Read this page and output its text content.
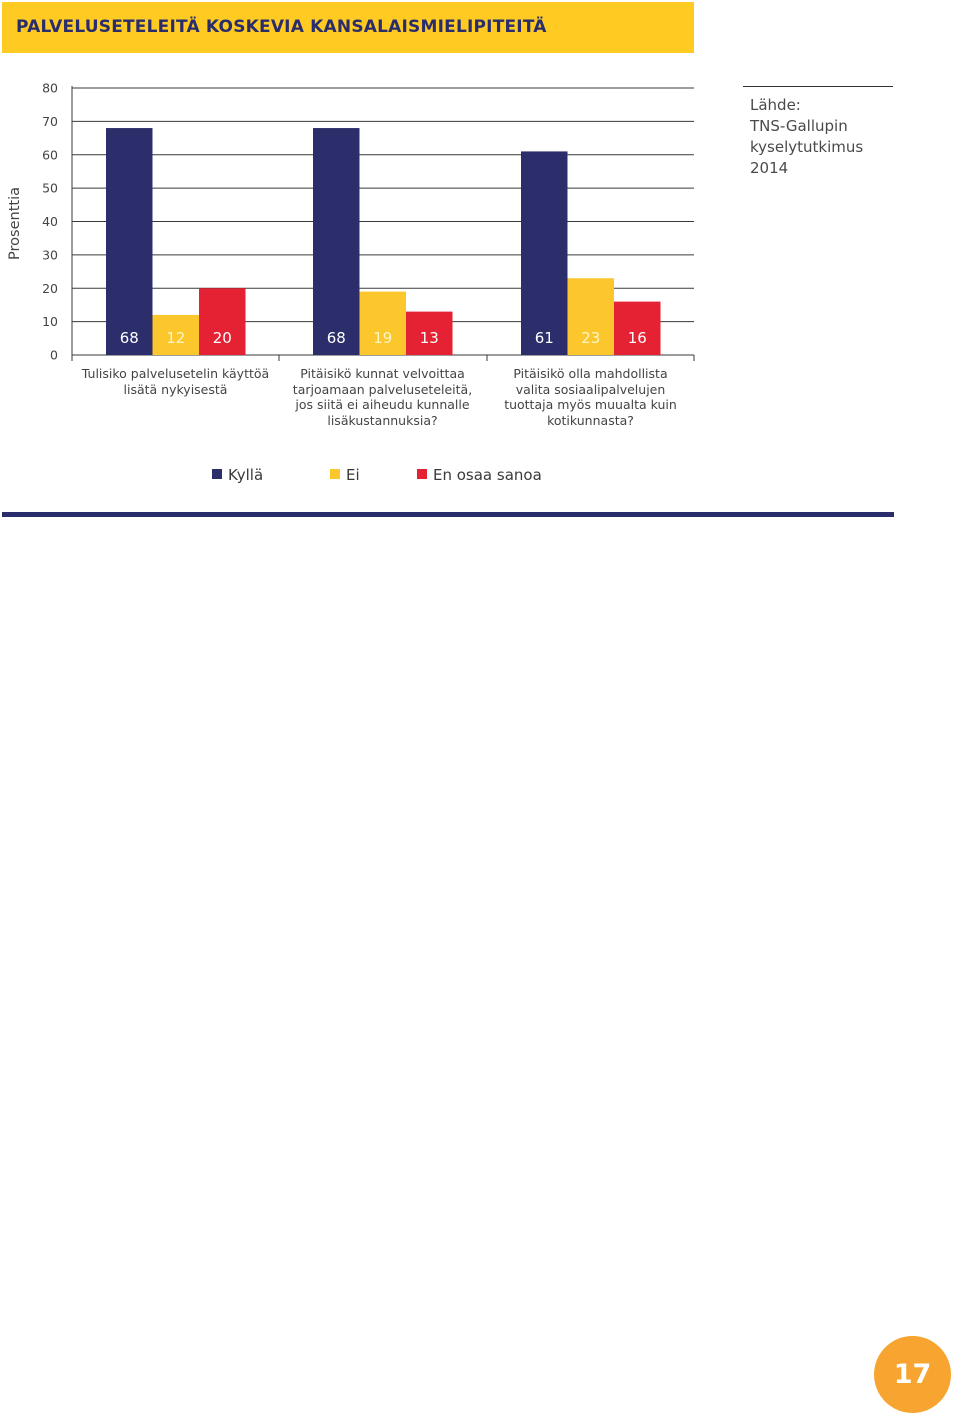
PALVELUSETELEITÄ KOSKEVIA KANSALAISMIELIPITEITÄ
0
10
20
30
40
50
60
70
80
Prosenttia
68	68	61
12	19	23
20	13	16
Lähde:
TNS-Gallupin
kyselytutkimus
2014
Tulisiko palvelusetelin käyttöä
lisätä nykyisestä
Pitäisikö kunnat velvoittaa
tarjoamaan palveluseteleitä,
jos siitä ei aiheudu kunnalle
lisäkustannuksia?
Pitäisikö olla mahdollista
valita sosiaalipalvelujen
tuottaja myös muualta kuin
kotikunnasta?
Kyllä	Ei	En osaa sanoa
17
